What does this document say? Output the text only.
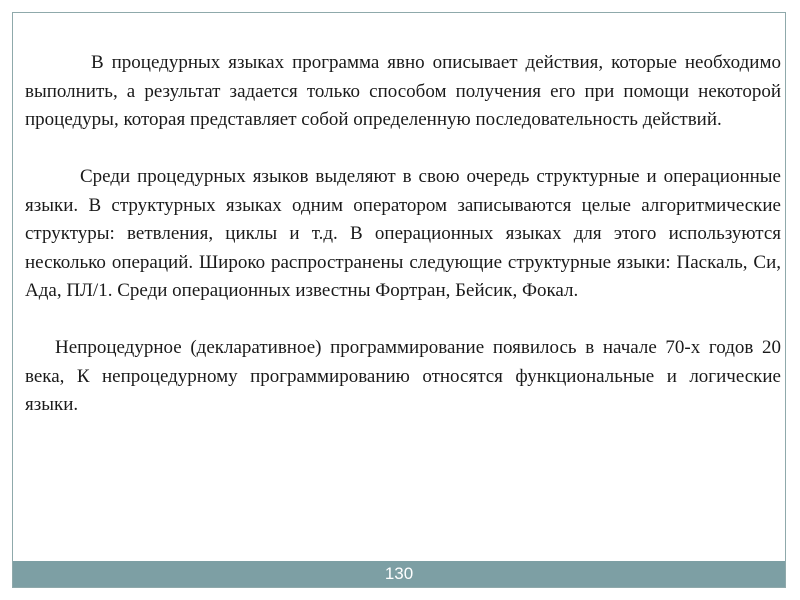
В процедурных языках программа явно описывает действия, которые необходимо выполнить, а результат задается только способом получения его при помощи некоторой процедуры, которая представляет собой определенную последовательность действий.

Среди процедурных языков выделяют в свою очередь структурные и операционные языки. В структурных языках одним оператором записываются целые алгоритмические структуры: ветвления, циклы и т.д. В операционных языках для этого используются несколько операций. Широко распространены следующие структурные языки: Паскаль, Си, Ада, ПЛ/1. Среди операционных известны Фортран, Бейсик, Фокал.

Непроцедурное (декларативное) программирование появилось в начале 70-х годов 20 века, К непроцедурному программированию относятся функциональные и логические языки.

130
